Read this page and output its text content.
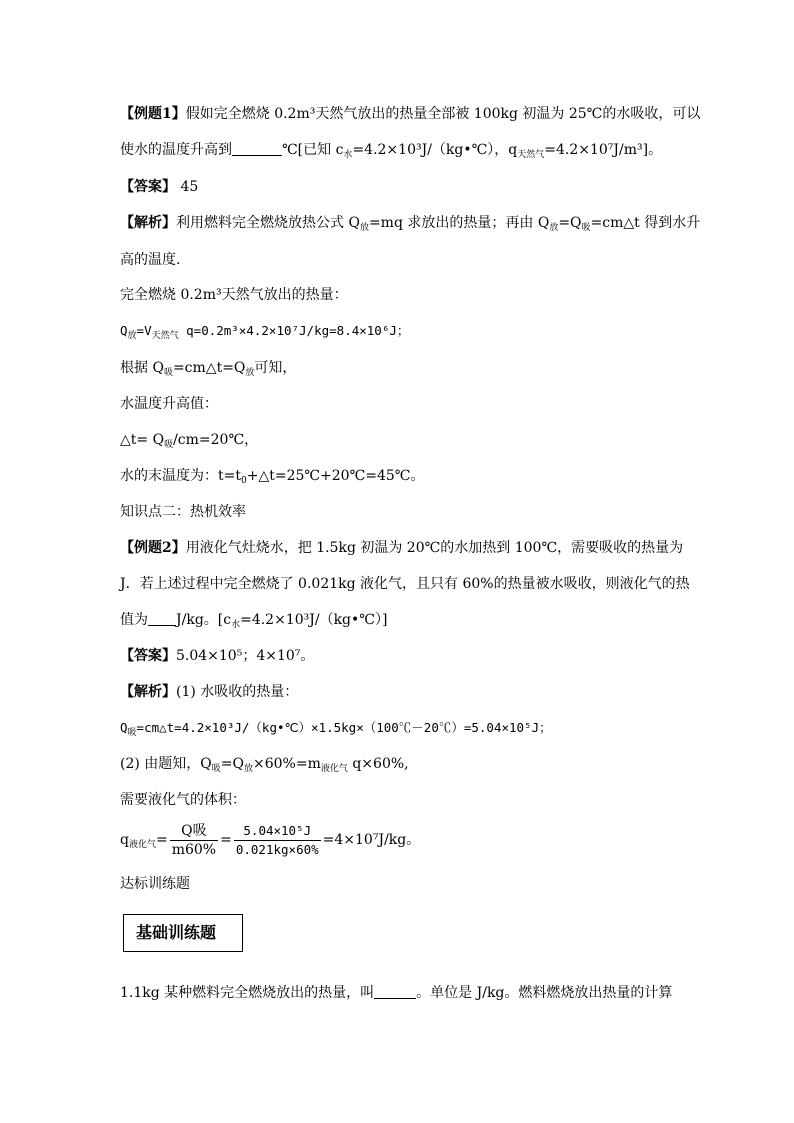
【例题1】假如完全燃烧 0.2m³天然气放出的热量全部被 100kg 初温为 25℃的水吸收，可以
使水的温度升高到	℃[已知 $c_水=4.2\times 10^3J/(kg•℃)$，$q_{天然气}=4.2\times 10^7J/m^3$]。
【答案】 45
【解析】利用燃料完全燃烧放热公式 $Q_放=mq$ 求放出的热量；再由 $Q_放=Q_吸=cm\triangle t$ 得到水升
高的温度.
完全燃烧 0.2m³天然气放出的热量：
$Q_放=V_{天然气}$ q=0.2m³×4.2×10⁷J/kg=8.4×10⁶J；
根据 $Q_吸=cm\triangle t=Q_放$可知，
水温度升高值：
△t= $Q_吸/cm=20℃$，
水的末温度为：$t=t_0+\triangle t=25℃+20℃=45℃$。
知识点二：热机效率
【例题2】用液化气灶烧水，把 1.5kg 初温为 20℃的水加热到 100℃，需要吸收的热量为
J．若上述过程中完全燃烧了 0.021kg 液化气，且只有 60%的热量被水吸收，则液化气的热
值为 J/kg。$[c_水=4.2\times 10^3J/(kg•℃)]$
【答案】5.04×10⁵；4×10⁷。
【解析】(1) 水吸收的热量：
$Q_吸=cm\triangle t=4.2\times 10^3J/(kg•℃)\times 1.5kg\times(100℃-20℃)=5.04\times 10^5J$；
(2) 由题知，$Q_吸=Q_放\times 60\%=m_{液化气}$ q×60%,
需要液化气的体积：
$q_{液化气}= \frac{\text{Q吸}}{m60\%} = \frac{\text{5.04×10⁵J}}{0.021kg\times 60\%} =4\times 10^7J/kg$。
达标训练题
基础训练题
1.1kg 某种燃料完全燃烧放出的热量，叫	。单位是 J/kg。燃料燃烧放出热量的计算
